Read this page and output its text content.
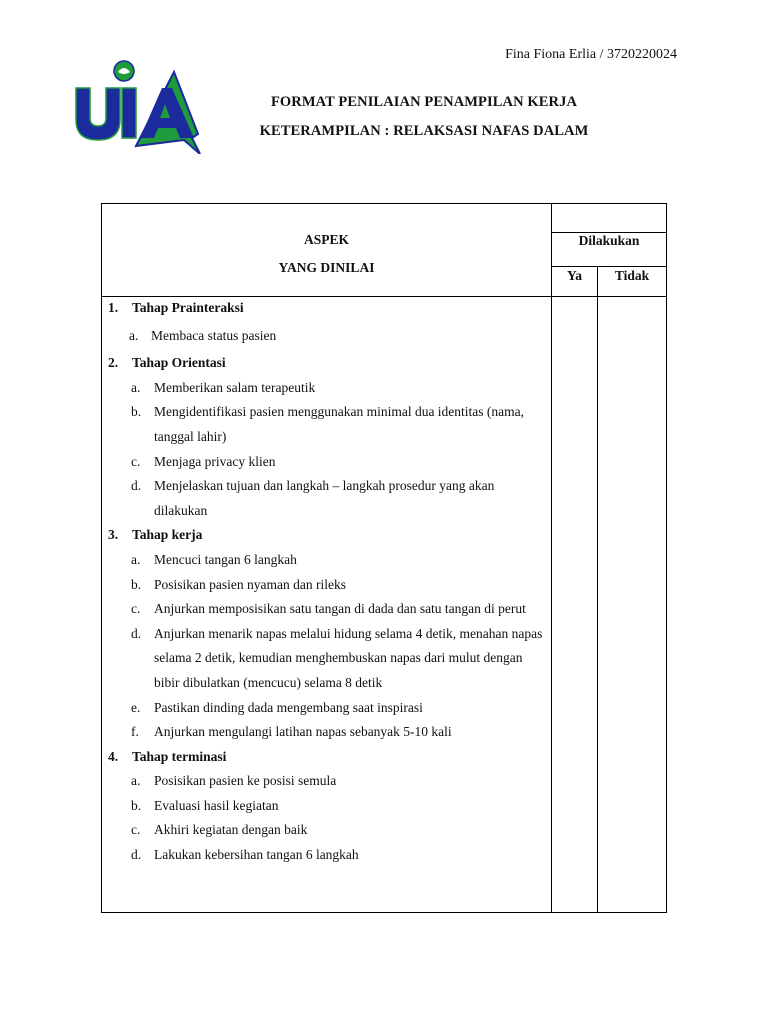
Fina Fiona Erlia / 3720220024
FORMAT PENILAIAN PENAMPILAN KERJA
KETERAMPILAN : RELAKSASI NAFAS DALAM
ASPEK
YANG DINILAI
Dilakukan
Ya	Tidak
1. Tahap Prainteraksi
a. Membaca status pasien
2. Tahap Orientasi
a. Memberikan salam terapeutik
b. Mengidentifikasi pasien menggunakan minimal dua identitas (nama, tanggal lahir)
c. Menjaga privacy klien
d. Menjelaskan tujuan dan langkah – langkah prosedur yang akan dilakukan
3. Tahap kerja
a. Mencuci tangan 6 langkah
b. Posisikan pasien nyaman dan rileks
c. Anjurkan memposisikan satu tangan di dada dan satu tangan di perut
d. Anjurkan menarik napas melalui hidung selama 4 detik, menahan napas selama 2 detik, kemudian menghembuskan napas dari mulut dengan bibir dibulatkan (mencucu) selama 8 detik
e. Pastikan dinding dada mengembang saat inspirasi
f. Anjurkan mengulangi latihan napas sebanyak 5-10 kali
4. Tahap terminasi
a. Posisikan pasien ke posisi semula
b. Evaluasi hasil kegiatan
c. Akhiri kegiatan dengan baik
d. Lakukan kebersihan tangan 6 langkah
